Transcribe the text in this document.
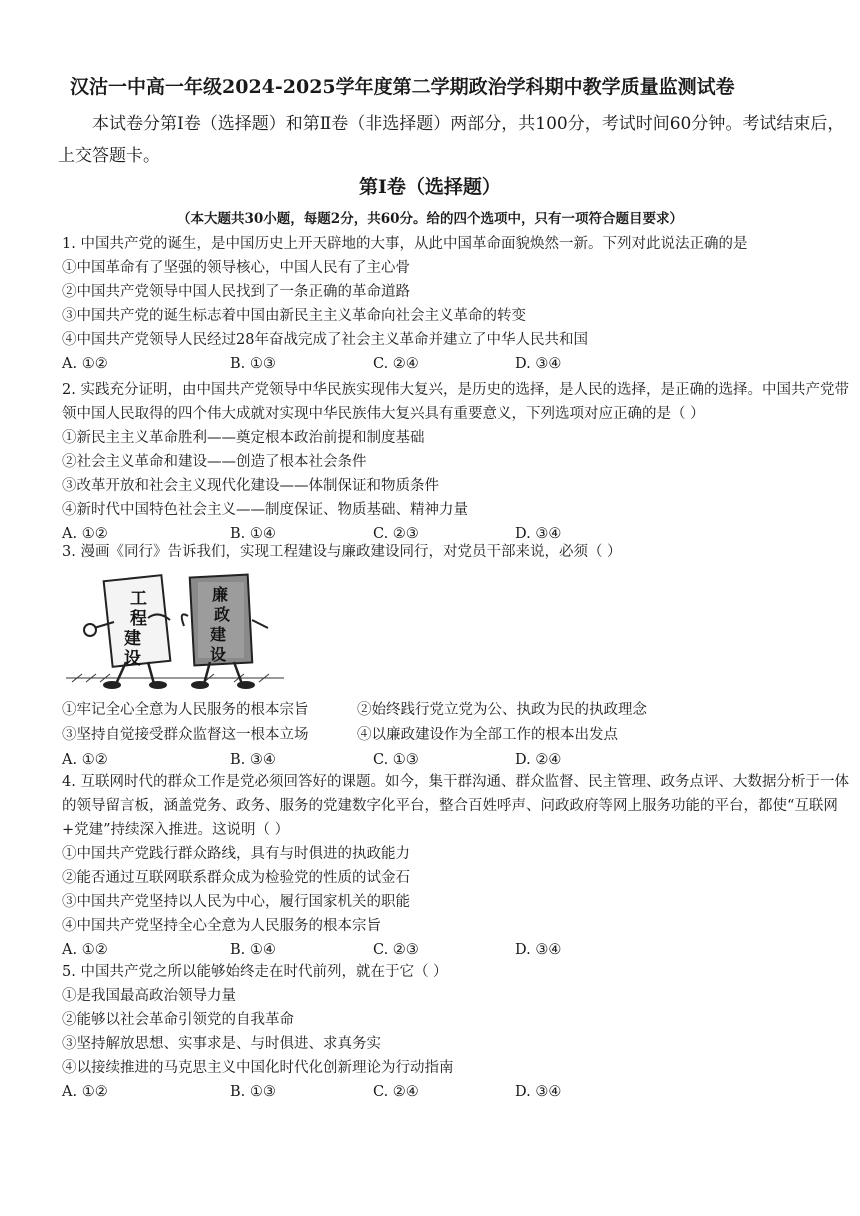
汉沽一中高一年级2024-2025学年度第二学期政治学科期中教学质量监测试卷
本试卷分第Ⅰ卷（选择题）和第Ⅱ卷（非选择题）两部分，共100分，考试时间60分钟。考试结束后，上交答题卡。
第Ⅰ卷（选择题）
（本大题共30小题，每题2分，共60分。给的四个选项中，只有一项符合题目要求）

1. 中国共产党的诞生，是中国历史上开天辟地的大事，从此中国革命面貌焕然一新。下列对此说法正确的是

①中国革命有了坚强的领导核心，中国人民有了主心骨

②中国共产党领导中国人民找到了一条正确的革命道路

③中国共产党的诞生标志着中国由新民主主义革命向社会主义革命的转变

④中国共产党领导人民经过28年奋战完成了社会主义革命并建立了中华人民共和国

A. ①②	B. ①③	C. ②④	D. ③④

2. 实践充分证明，由中国共产党领导中华民族实现伟大复兴，是历史的选择，是人民的选择，是正确的选择。中国共产党带领中国人民取得的四个伟大成就对实现中华民族伟大复兴具有重要意义，下列选项对应正确的是（ ）

①新民主主义革命胜利——奠定根本政治前提和制度基础

②社会主义革命和建设——创造了根本社会条件

③改革开放和社会主义现代化建设——体制保证和物质条件

④新时代中国特色社会主义——制度保证、物质基础、精神力量

A. ①②	B. ①④	C. ②③	D. ③④

3. 漫画《同行》告诉我们，实现工程建设与廉政建设同行，对党员干部来说，必须（ ）

工
程
建
设
廉
政
建
设
①牢记全心全意为人民服务的根本宗旨	②始终践行党立党为公、执政为民的执政理念
③坚持自觉接受群众监督这一根本立场	④以廉政建设作为全部工作的根本出发点
A. ①②	B. ③④	C. ①③	D. ②④

4. 互联网时代的群众工作是党必须回答好的课题。如今，集干群沟通、群众监督、民主管理、政务点评、大数据分析于一体的领导留言板，涵盖党务、政务、服务的党建数字化平台，整合百姓呼声、问政政府等网上服务功能的平台，都使“互联网+党建”持续深入推进。这说明（ ）

①中国共产党践行群众路线，具有与时俱进的执政能力

②能否通过互联网联系群众成为检验党的性质的试金石

③中国共产党坚持以人民为中心，履行国家机关的职能

④中国共产党坚持全心全意为人民服务的根本宗旨

A. ①②	B. ①④	C. ②③	D. ③④

5. 中国共产党之所以能够始终走在时代前列，就在于它（ ）

①是我国最高政治领导力量

②能够以社会革命引领党的自我革命

③坚持解放思想、实事求是、与时俱进、求真务实

④以接续推进的马克思主义中国化时代化创新理论为行动指南

A. ①②	B. ①③	C. ②④	D. ③④
